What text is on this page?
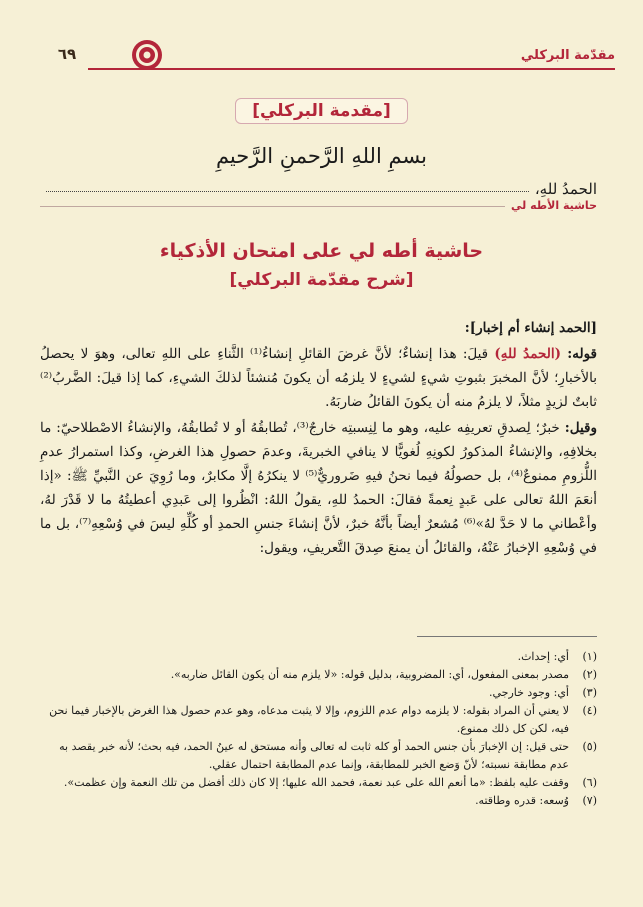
مقدّمة البركلي
٦٩
[مقدمة البركلي]
بسمِ اللهِ الرَّحمنِ الرَّحيمِ
الحمدُ للهِ،
حاشية الأطه لي
حاشية أطه لي على امتحان الأذكياء
[شرح مقدّمة البركلي]

[الحمد إنشاء أم إخبار]:

قوله: (الحمدُ للهِ) قيلَ: هذا إنشاءٌ؛ لأنَّ غرضَ القائلِ إنشاءُ⁽¹⁾ الثَّناءِ على اللهِ تعالى، وهوَ لا يحصلُ بالأخبارِ؛ لأنَّ المخبرَ بثبوتِ شيءٍ لشيءٍ لا يلزمُه أن يكونَ مُنشئاً لذلكَ الشيءِ، كما إذا قيلَ: الضَّربُ⁽²⁾ ثابتٌ لزيدٍ مثلاً، لا يلزمُ منه أن يكونَ القائلُ ضاربَهُ.

وقيل: خبرٌ؛ لِصدقِ تعريفِه عليه، وهو ما لِنِسبتِه خارجٌ⁽³⁾، تُطابقُهُ أو لا تُطابقُهُ، والإنشاءُ الاصْطلاحيّ: ما بخلافِهِ، والإنشاءُ المذكورُ لكونِهِ لُغويًّا لا ينافي الخبريةَ، وعدمَ حصولِ هذا الغرضِ، وكذا استمرارُ عدمِ اللُّزومِ ممنوعٌ⁽⁴⁾، بل حصولُهُ فيما نحنُ فيهِ ضَروريٌّ⁽⁵⁾ لا ينكرُهُ إلَّا مكابرٌ، وما رُوِيَ عن النَّبيِّ ﷺ: «إذا أنعَمَ اللهُ تعالى على عَبدٍ نِعمةً فقالَ: الحمدُ للهِ، يقولُ اللهُ: انْظُروا إلى عَبدِي أعطيتُهُ ما لا قَدْرَ لهُ، وأعْطاني ما لا حَدَّ لهُ»⁽⁶⁾ مُشعرٌ أيضاً بأنَّهُ خبرٌ، لأنَّ إنشاءَ جنسِ الحمدِ أو كُلِّهِ ليسَ في وُسْعِهِ⁽⁷⁾، بل ما في وُسْعِهِ الإخبارُ عَنْهُ، والقائلُ أن يمنعَ صِدقَ التَّعريفِ، ويقول:

(١)
أي: إحداث.
(٢)
مصدر بمعنى المفعول، أي: المضروبية، بدليل قوله: «لا يلزم منه أن يكون القائل ضاربه».
(٣)
أي: وجود خارجي.
(٤)
لا يعني أن المراد بقوله: لا يلزمه دوام عدم اللزوم، وإلا لا يثبت مدعاه، وهو عدم حصول هذا الغرض بالإخبار فيما نحن فيه، لكن كل ذلك ممنوع.
(٥)
حتى قيل: إن الإخبارَ بأن جنس الحمد أو كله ثابت له تعالى وأنه مستحق له عينُ الحمد، فيه بحث؛ لأنه خبر يقصد به عدم مطابقة نسبته؛ لأنّ وَضع الخبر للمطابقة، وإنما عدم المطابقة احتمال عقلي.
(٦)
وقفت عليه بلفظ: «ما أنعم الله على عبد نعمة، فحمد الله عليها؛ إلا كان ذلك أفضل من تلك النعمة وإن عظمت».
(٧)
وُسعه: قدره وطاقته.
